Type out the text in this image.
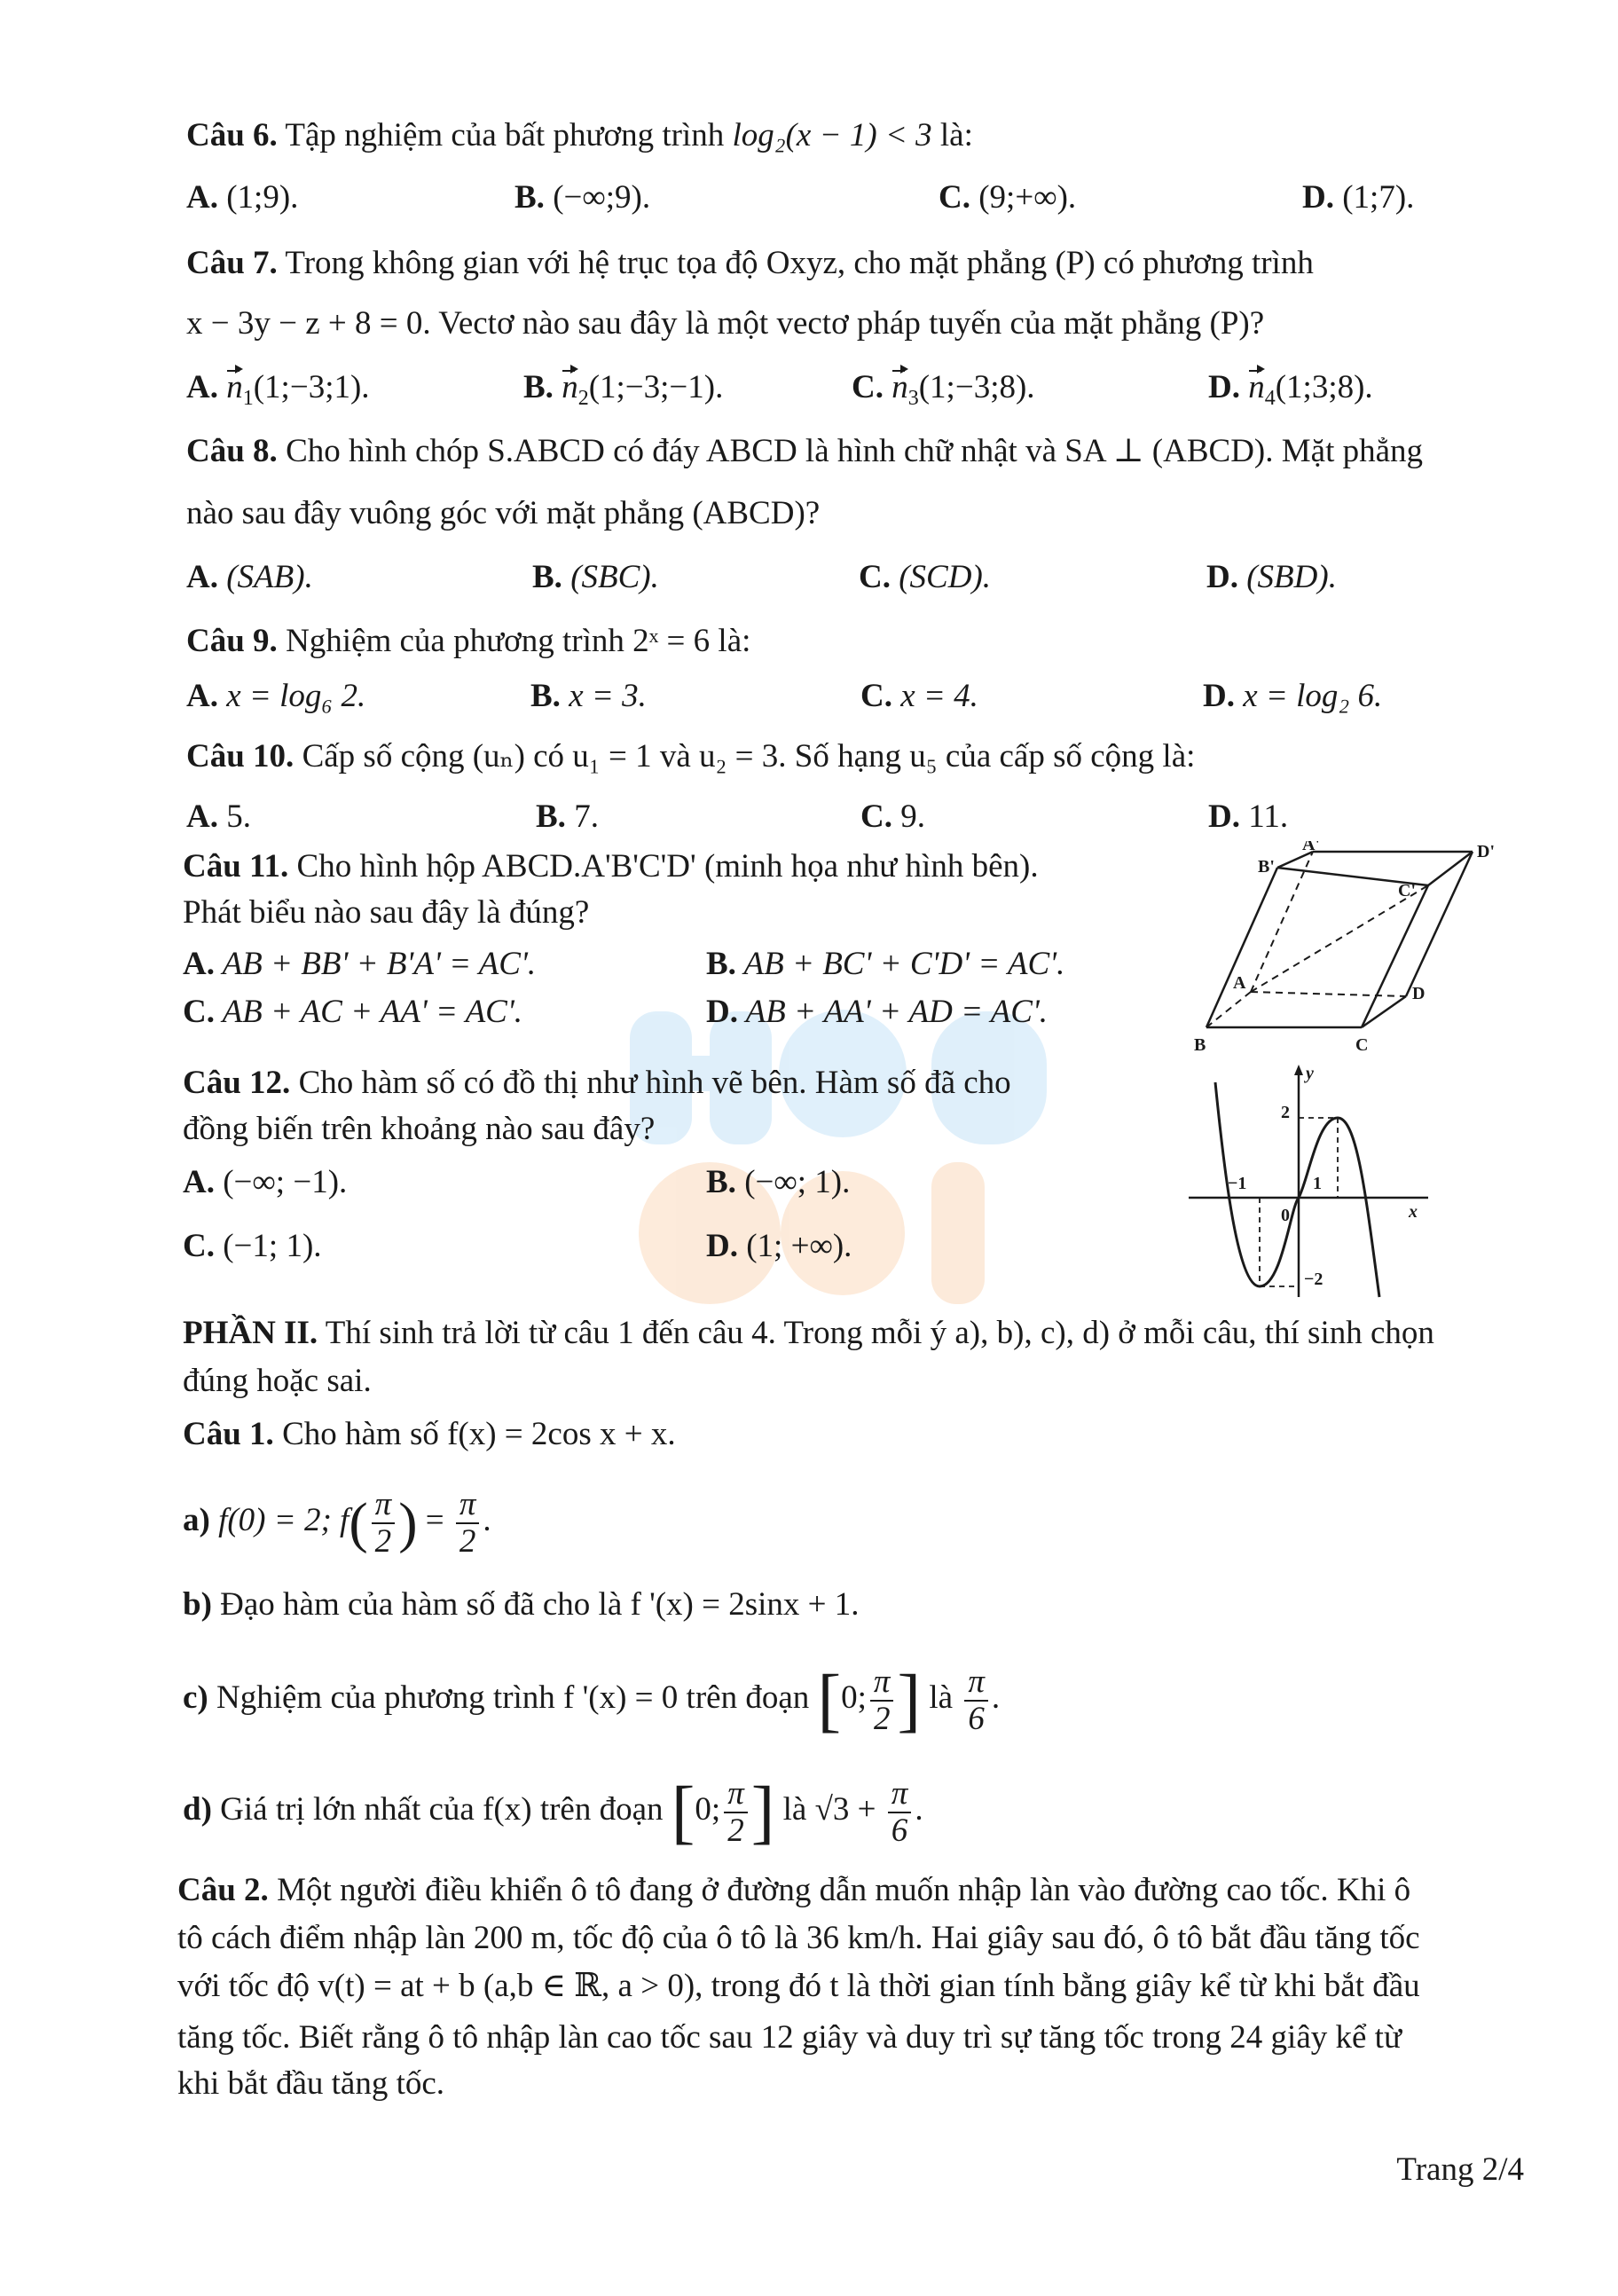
Câu 6. Tập nghiệm của bất phương trình log₂(x − 1) < 3 là:
A. (1;9).	B. (−∞;9).	C. (9;+∞).	D. (1;7).
Câu 7. Trong không gian với hệ trục tọa độ Oxyz, cho mặt phẳng (P) có phương trình
x − 3y − z + 8 = 0. Vectơ nào sau đây là một vectơ pháp tuyến của mặt phẳng (P)?
A. $n_1(1;-3;1)$.	B. $n_2(1;-3;-1)$.	C. $n_3(1;-3;8)$.	D. $n_4(1;3;8)$.
Câu 8. Cho hình chóp S.ABCD có đáy ABCD là hình chữ nhật và SA ⊥ (ABCD). Mặt phẳng
nào sau đây vuông góc với mặt phẳng (ABCD)?
A. (SAB).	B. (SBC).	C. (SCD).	D. (SBD).
Câu 9. Nghiệm của phương trình 2ˣ = 6 là:
A. x = log₆ 2.	B. x = 3.	C. x = 4.	D. x = log₂ 6.
Câu 10. Cấp số cộng (uₙ) có u₁ = 1 và u₂ = 3. Số hạng u₅ của cấp số cộng là:
A. 5.	B. 7.	C. 9.	D. 11.
Câu 11. Cho hình hộp ABCD.A'B'C'D' (minh họa như hình bên).
Phát biểu nào sau đây là đúng?
A. AB + BB' + B'A' = AC'.	B. AB + BC' + C'D' = AC'.
C. AB + AC + AA' = AC'.	D. AB + AA' + AD = AC'.
A'	D'
B'
C'
A
D
B	C
Câu 12. Cho hàm số có đồ thị như hình vẽ bên. Hàm số đã cho
đồng biến trên khoảng nào sau đây?
A. (−∞; −1).	B. (−∞; 1).
C. (−1; 1).	D. (1; +∞).
y
x
0
2
−1	1
−2
PHẦN II. Thí sinh trả lời từ câu 1 đến câu 4. Trong mỗi ý a), b), c), d) ở mỗi câu, thí sinh chọn
đúng hoặc sai.
Câu 1. Cho hàm số f(x) = 2cos x + x.
a) f(0) = 2; $f( \frac{\pi}{2}$ ) = $\frac{\pi}{2}$ .
b) Đạo hàm của hàm số đã cho là f '(x) = 2sinx + 1.
c) Nghiệm của phương trình f '(x) = 0 trên đoạn [0; $\frac{\pi}{2}$ ] là $\frac{\pi}{6}$ .
d) Giá trị lớn nhất của f(x) trên đoạn [0; $\frac{\pi}{2}$ ] là $√3 + \frac{\pi}{6}$ .
Câu 2. Một người điều khiển ô tô đang ở đường dẫn muốn nhập làn vào đường cao tốc. Khi ô
tô cách điểm nhập làn 200 m, tốc độ của ô tô là 36 km/h. Hai giây sau đó, ô tô bắt đầu tăng tốc
với tốc độ v(t) = at + b (a,b ∈ ℝ, a > 0), trong đó t là thời gian tính bằng giây kể từ khi bắt đầu
tăng tốc. Biết rằng ô tô nhập làn cao tốc sau 12 giây và duy trì sự tăng tốc trong 24 giây kể từ
khi bắt đầu tăng tốc.
Trang 2/4
